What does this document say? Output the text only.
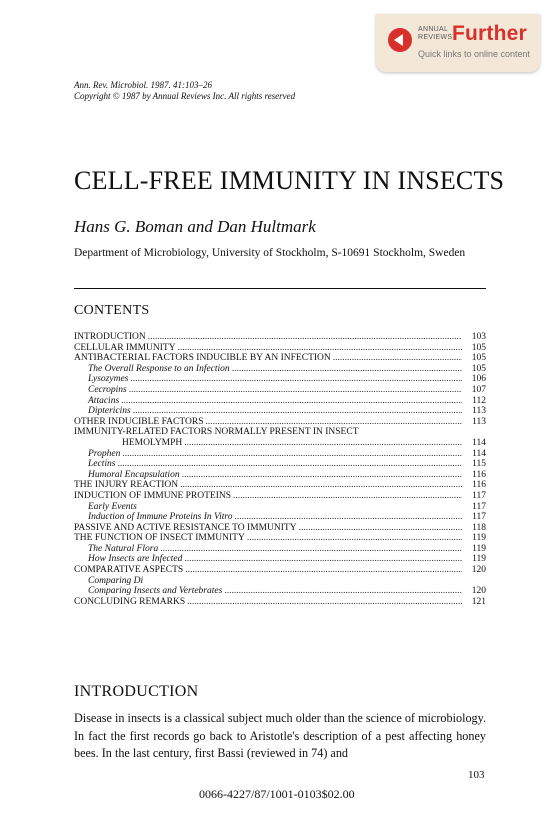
ANNUAL
REVIEWS Further
Quick links to online content
Ann. Rev. Microbiol. 1987. 41:103–26
Copyright © 1987 by Annual Reviews Inc. All rights reserved
CELL-FREE IMMUNITY IN INSECTS
Hans G. Boman and Dan Hultmark
Department of Microbiology, University of Stockholm, S-10691 Stockholm, Sweden
CONTENTS
INTRODUCTION .....	103
CELLULAR IMMUNITY .....	105
ANTIBACTERIAL FACTORS INDUCIBLE BY AN INFECTION .....	105
The Overall Response to an Infection .....	105
Lysozymes .....	106
Cecropins .....	107
Attacins .....	112
Diptericins .....	113
OTHER INDUCIBLE FACTORS .....	113
IMMUNITY-RELATED FACTORS NORMALLY PRESENT IN INSECT
HEMOLYMPH .....	114
Prophen .....	114
Lectins .....	115
Humoral Encapsulation .....	116
THE INJURY REACTION .....	116
INDUCTION OF IMMUNE PROTEINS .....	117
Early Events	117
Induction of Immune Proteins In Vitro .....	117
PASSIVE AND ACTIVE RESISTANCE TO IMMUNITY .....	118
THE FUNCTION OF INSECT IMMUNITY .....	119
The Natural Flora .....	119
How Insects are Infected .....	119
COMPARATIVE ASPECTS .....	120
Comparing Di
Comparing Insects and Vertebrates .....	120
CONCLUDING REMARKS .....	121
INTRODUCTION
Disease in insects is a classical subject much older than the science of microbiology. In fact the first records go back to Aristotle's description of a pest affecting honey bees. In the last century, first Bassi (reviewed in 74) and
103
0066-4227/87/1001-0103$02.00
